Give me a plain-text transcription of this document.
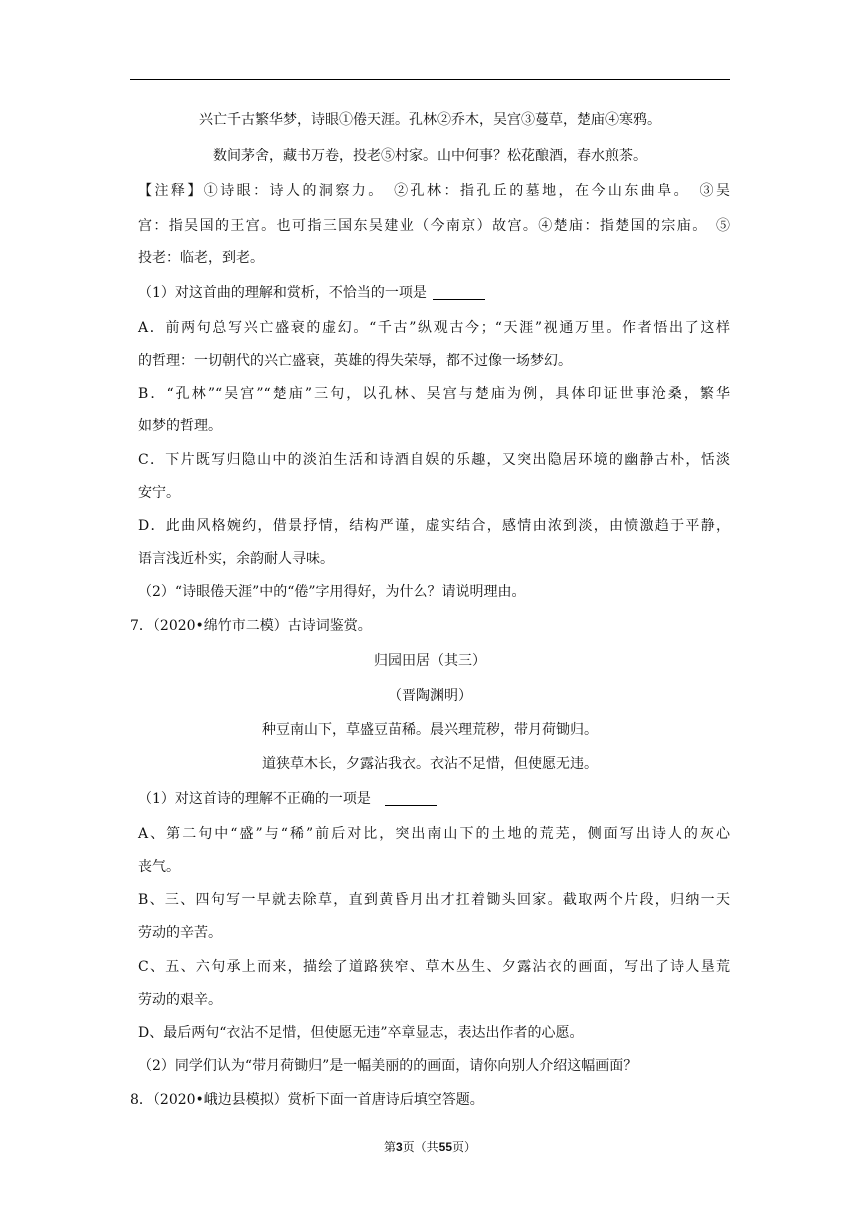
兴亡千古繁华梦，诗眼①倦天涯。孔林②乔木，吴宫③蔓草，楚庙④寒鸦。
数间茅舍，藏书万卷，投老⑤村家。山中何事？松花酿酒，春水煎茶。
【注释】①诗眼：诗人的洞察力。　②孔林：指孔丘的墓地，在今山东曲阜。　③吴
宫：指吴国的王宫。也可指三国东吴建业（今南京）故宫。④楚庙：指楚国的宗庙。　⑤
投老：临老，到老。
（1）对这首曲的理解和赏析，不恰当的一项是
A．前两句总写兴亡盛衰的虚幻。“千古”纵观古今；“天涯”视通万里。作者悟出了这样
的哲理：一切朝代的兴亡盛衰，英雄的得失荣辱，都不过像一场梦幻。
B．“孔林”“吴宫”“楚庙”三句，以孔林、吴宫与楚庙为例，具体印证世事沧桑，繁华
如梦的哲理。
C．下片既写归隐山中的淡泊生活和诗酒自娱的乐趣，又突出隐居环境的幽静古朴，恬淡
安宁。
D．此曲风格婉约，借景抒情，结构严谨，虚实结合，感情由浓到淡，由愤激趋于平静，
语言浅近朴实，余韵耐人寻味。
（2）“诗眼倦天涯”中的“倦”字用得好，为什么？请说明理由。
7．（2020•绵竹市二模）古诗词鉴赏。
归园田居（其三）
（晋陶渊明）
种豆南山下，草盛豆苗稀。晨兴理荒秽，带月荷锄归。
道狭草木长，夕露沾我衣。衣沾不足惜，但使愿无违。
（1）对这首诗的理解不正确的一项是
A、第二句中“盛”与“稀”前后对比，突出南山下的土地的荒芜，侧面写出诗人的灰心
丧气。
B、三、四句写一早就去除草，直到黄昏月出才扛着锄头回家。截取两个片段，归纳一天
劳动的辛苦。
C、五、六句承上而来，描绘了道路狭窄、草木丛生、夕露沾衣的画面，写出了诗人垦荒
劳动的艰辛。
D、最后两句“衣沾不足惜，但使愿无违”卒章显志，表达出作者的心愿。
（2）同学们认为“带月荷锄归”是一幅美丽的的画面，请你向别人介绍这幅画面？
8．（2020•峨边县模拟）赏析下面一首唐诗后填空答题。
第3页（共55页）
